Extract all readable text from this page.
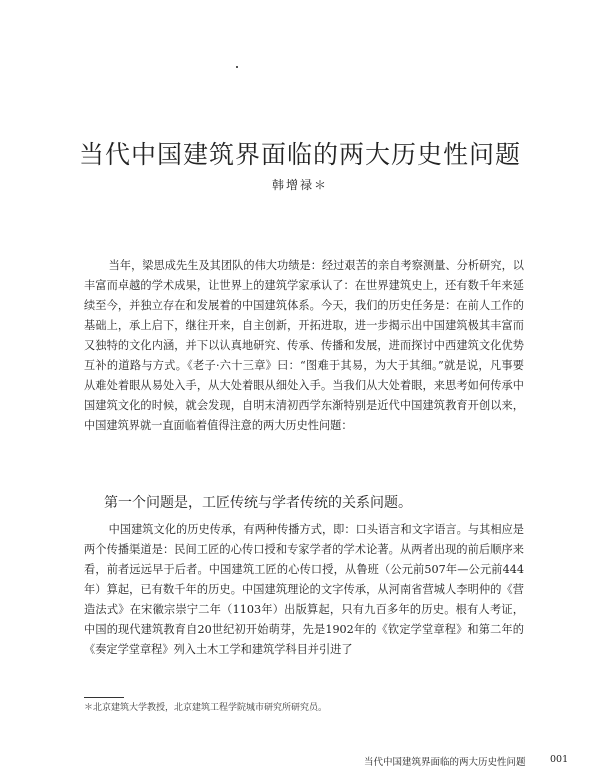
当代中国建筑界面临的两大历史性问题
韩增禄＊

当年，梁思成先生及其团队的伟大功绩是：经过艰苦的亲自考察测量、分析研究，以丰富而卓越的学术成果，让世界上的建筑学家承认了：在世界建筑史上，还有数千年来延续至今，并独立存在和发展着的中国建筑体系。今天，我们的历史任务是：在前人工作的基础上，承上启下，继往开来，自主创新，开拓进取，进一步揭示出中国建筑极其丰富而又独特的文化内涵，并下以认真地研究、传承、传播和发展，进而探讨中西建筑文化优势互补的道路与方式。《老子·六十三章》曰：“图难于其易，为大于其细。”就是说，凡事要从难处着眼从易处入手，从大处着眼从细处入手。当我们从大处着眼，来思考如何传承中国建筑文化的时候，就会发现，自明末清初西学东渐特别是近代中国建筑教育开创以来，中国建筑界就一直面临着值得注意的两大历史性问题：

第一个问题是，工匠传统与学者传统的关系问题。

中国建筑文化的历史传承，有两种传播方式，即：口头语言和文字语言。与其相应是两个传播渠道是：民间工匠的心传口授和专家学者的学术论著。从两者出现的前后顺序来看，前者远远早于后者。中国建筑工匠的心传口授，从鲁班（公元前507年—公元前444年）算起，已有数千年的历史。中国建筑理论的文字传承，从河南省营城人李明仲的《营造法式》在宋徽宗崇宁二年（1103年）出版算起，只有九百多年的历史。根有人考证，中国的现代建筑教育自20世纪初开始萌芽，先是1902年的《钦定学堂章程》和第二年的《奏定学堂章程》列入土木工学和建筑学科目并引进了

＊北京建筑大学教授，北京建筑工程学院城市研究所研究员。
当代中国建筑界面临的两大历史性问题	001
